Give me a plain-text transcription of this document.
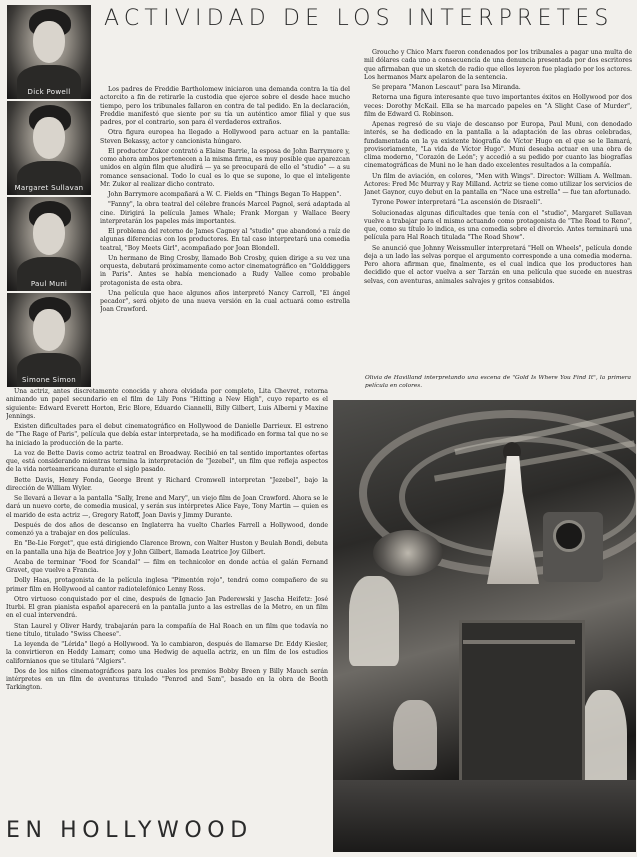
ACTIVIDAD DE LOS INTERPRETES
Dick Powell
Margaret Sullavan
Paul Muni
Simone Simon

Los padres de Freddie Bartholomew iniciaron una demanda contra la tía del actorcito a fin de retirarle la custodia que ejerce sobre el desde hace mucho tiempo, pero los tribunales fallaron en contra de tal pedido. En la declaración, Freddie manifestó que siente por su tía un auténtico amor filial y que sus padres, por el contrario, son para él verdaderos extraños.

Otra figura europea ha llegado a Hollywood para actuar en la pantalla: Steven Bekassy, actor y cancionista húngaro.

El productor Zukor contrató a Elaine Barrie, la esposa de John Barrymore y, como ahora ambos pertenecen a la misma firma, es muy posible que aparezcan unidos en algún film que aludirá — ya se preocupará de ello el "studio" — a su romance sensacional. Todo lo cual es lo que se supone, lo que el inteligente Mr. Zukor al realizar dicho contrato.

John Barrymore acompañará a W. C. Fields en "Things Began To Happen".

"Fanny", la obra teatral del célebre francés Marcel Pagnol, será adaptada al cine. Dirigirá la película James Whale; Frank Morgan y Wallace Beery interpretarán los papeles más importantes.

El problema del retorno de James Cagney al "studio" que abandonó a raíz de algunas diferencias con los productores. En tal caso interpretará una comedia teatral, "Boy Meets Girl", acompañado por Joan Blondell.

Un hermano de Bing Crosby, llamado Bob Crosby, quien dirige a su vez una orquesta, debutará próximamente como actor cinematográfico en "Golddiggers in Paris". Antes se había mencionado a Rudy Vallee como probable protagonista de esta obra.

Una película que hace algunos años interpretó Nancy Carroll, "El ángel pecador", será objeto de una nueva versión en la cual actuará como estrella Joan Crawford.

Groucho y Chico Marx fueron condenados por los tribunales a pagar una multa de mil dólares cada uno a consecuencia de una denuncia presentada por dos escritores que afirmaban que un sketch de radio que ellos leyeron fue plagiado por los actores. Los hermanos Marx apelaron de la sentencia.

Se prepara "Manon Lescaut" para Isa Miranda.

Retorna una figura interesante que tuvo importantes éxitos en Hollywood por dos veces: Dorothy McKail. Ella se ha marcado papeles en "A Slight Case of Murder", film de Edward G. Robinson.

Apenas regresó de su viaje de descanso por Europa, Paul Muni, con denodado interés, se ha dedicado en la pantalla a la adaptación de las obras celebradas, fundamentada en la ya existente biografía de Víctor Hugo en el que se le llamará, provisoriamente, "La vida de Víctor Hugo". Muni deseaba actuar en una obra de clima moderno, "Corazón de León"; y accedió a su pedido por cuanto las biografías cinematográficas de Muni no le han dado excelentes resultados a la compañía.

Un film de aviación, en colores, "Men with Wings". Director: William A. Wellman. Actores: Fred Mc Murray y Ray Milland. Actriz se tiene como utilizar los servicios de Janet Gaynor, cuyo debut en la pantalla en "Nace una estrella" — fue tan afortunado.

Tyrone Power interpretará "La ascensión de Disraeli".

Solucionadas algunas dificultades que tenía con el "studio", Margaret Sullavan vuelve a trabajar para el mismo actuando como protagonista de "The Road to Reno", que, como su título lo indica, es una comedia sobre el divorcio. Antes terminará una película para Hal Roach titulada "The Road Show".

Se anunció que Johnny Weissmuller interpretará "Hell on Wheels", película donde deja a un lado las selvas porque el argumento corresponde a una comedia moderna. Pero ahora afirman que, finalmente, es el cual indica que los productores han decidido que el actor vuelva a ser Tarzán en una película que sucede en nuestras selvas, con aventuras, animales salvajes y gritos consabidos.

Olivia de Havilland interpretando una escena de "Gold Is Where You Find It", la primera película en colores.

Una actriz, antes discretamente conocida y ahora olvidada por completo, Lita Chevret, retorna animando un papel secundario en el film de Lily Pons "Hitting a New High", cuyo reparto es el siguiente: Edward Everett Horton, Eric Blore, Eduardo Ciannelli, Billy Gilbert, Luis Alberni y Maxine Jennings.

Existen dificultades para el debut cinematográfico en Hollywood de Danielle Darrieux. El estreno de "The Rage of Paris", película que debía estar interpretada, se ha modificado en forma tal que no se ha iniciado la producción de la parte.

La voz de Bette Davis como actriz teatral en Broadway. Recibió en tal sentido importantes ofertas que, está considerando mientras termina la interpretación de "Jezebel", un film que refleja aspectos de la vida norteamericana durante el siglo pasado.

Bette Davis, Henry Fonda, George Brent y Richard Cromwell interpretan "Jezebel", bajo la dirección de William Wyler.

Se llevará a llevar a la pantalla "Sally, Irene and Mary", un viejo film de Joan Crawford. Ahora se le dará un nuevo corte, de comedia musical, y serán sus intérpretes Alice Faye, Tony Martin — quien es el marido de esta actriz —, Gregory Ratoff, Joan Davis y Jimmy Durante.

Después de dos años de descanso en Inglaterra ha vuelto Charles Farrell a Hollywood, donde comenzó ya a trabajar en dos películas.

En "Be-Lie Forget", que está dirigiendo Clarence Brown, con Walter Huston y Beulah Bondi, debuta en la pantalla una hija de Beatrice Joy y John Gilbert, llamada Leatrice Joy Gilbert.

Acaba de terminar "Food for Scandal" — film en technicolor en donde actúa el galán Fernand Gravet, que vuelve a Francia.

Dolly Haas, protagonista de la película inglesa "Pimentón rojo", tendrá como compañero de su primer film en Hollywood al cantor radiotelefónico Lenny Ross.

Otro virtuoso conquistado por el cine, después de Ignacio Jan Paderewski y Jascha Heifetz: José Iturbi. El gran pianista español aparecerá en la pantalla junto a las estrellas de la Metro, en un film en el cual intervendrá.

Stan Laurel y Oliver Hardy, trabajarán para la compañía de Hal Roach en un film que todavía no tiene título, titulado "Swiss Cheese".

La leyenda de "Lérida" llegó a Hollywood. Ya lo cambiaron, después de llamarse Dr. Eddy Kiesler, la convirtieron en Heddy Lamarr, como una Hedwig de aquella actriz, en un film de los estudios californianos que se titulará "Algiers".

Dos de los niños cinematográficos para los cuales los premios Bobby Breen y Billy Mauch serán intérpretes en un film de aventuras titulado "Penrod and Sam", basado en la obra de Booth Tarkington.

EN HOLLYWOOD
